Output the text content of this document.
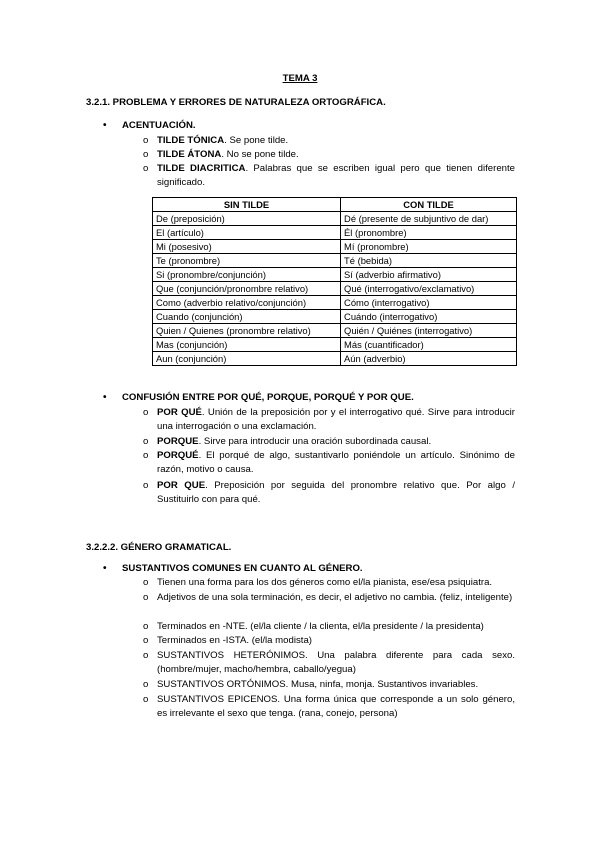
TEMA 3
3.2.1. PROBLEMA Y ERRORES DE NATURALEZA ORTOGRÁFICA.
• ACENTUACIÓN.
o TILDE TÓNICA. Se pone tilde.
o TILDE ÁTONA. No se pone tilde.
o TILDE DIACRITICA. Palabras que se escriben igual pero que tienen diferente significado.
SIN TILDE	CON TILDE
De (preposición)	Dé (presente de subjuntivo de dar)
El (artículo)	Él (pronombre)
Mi (posesivo)	Mí (pronombre)
Te (pronombre)	Té (bebida)
Si (pronombre/conjunción)	Sí (adverbio afirmativo)
Que (conjunción/pronombre relativo)	Qué (interrogativo/exclamativo)
Como (adverbio relativo/conjunción)	Cómo (interrogativo)
Cuando (conjunción)	Cuándo (interrogativo)
Quien / Quienes (pronombre relativo)	Quién / Quiénes (interrogativo)
Mas (conjunción)	Más (cuantificador)
Aun (conjunción)	Aún (adverbio)
• CONFUSIÓN ENTRE POR QUÉ, PORQUE, PORQUÉ Y POR QUE.
o POR QUÉ. Unión de la preposición por y el interrogativo qué. Sirve para introducir una interrogación o una exclamación.
o PORQUE. Sirve para introducir una oración subordinada causal.
o PORQUÉ. El porqué de algo, sustantivarlo poniéndole un artículo. Sinónimo de razón, motivo o causa.
o POR QUE. Preposición por seguida del pronombre relativo que. Por algo / Sustituirlo con para qué.
3.2.2.2. GÉNERO GRAMATICAL.
• SUSTANTIVOS COMUNES EN CUANTO AL GÉNERO.
o Tienen una forma para los dos géneros como el/la pianista, ese/esa psiquiatra.
o Adjetivos de una sola terminación, es decir, el adjetivo no cambia. (feliz, inteligente)
o Terminados en -NTE. (el/la cliente / la clienta, el/la presidente / la presidenta)
o Terminados en -ISTA. (el/la modista)
o SUSTANTIVOS HETERÓNIMOS. Una palabra diferente para cada sexo. (hombre/mujer, macho/hembra, caballo/yegua)
o SUSTANTIVOS ORTÓNIMOS. Musa, ninfa, monja. Sustantivos invariables.
o SUSTANTIVOS EPICENOS. Una forma única que corresponde a un solo género, es irrelevante el sexo que tenga. (rana, conejo, persona)
